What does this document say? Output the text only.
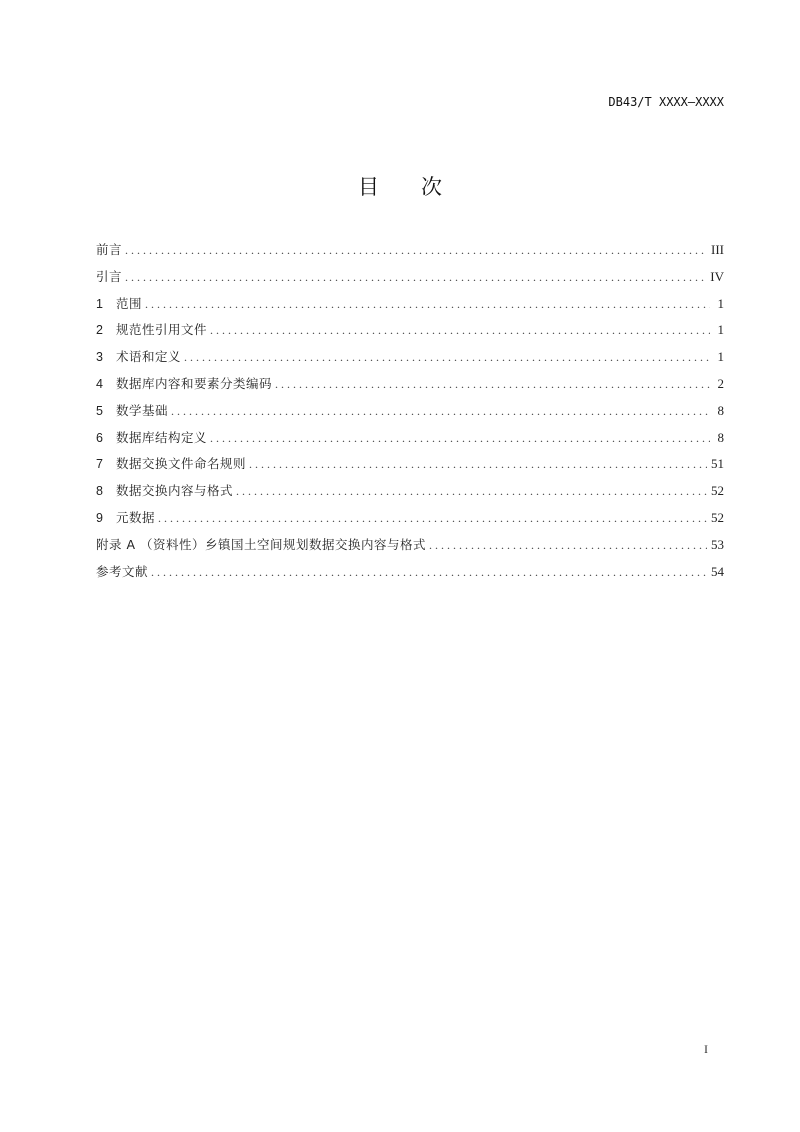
DB43/T XXXX—XXXX
目 次
前言 . . .	III
引言 . . .	IV
1	范围 . . .	1
2	规范性引用文件 . . .	1
3	术语和定义 . . .	1
4	数据库内容和要素分类编码 . . .	2
5	数学基础 . . .	8
6	数据库结构定义 . . .	8
7	数据交换文件命名规则 . . .	51
8	数据交换内容与格式 . . .	52
9	元数据 . . .	52
附录 A （资料性）乡镇国土空间规划数据交换内容与格式 . . .	53
参考文献 . . .	54
I
